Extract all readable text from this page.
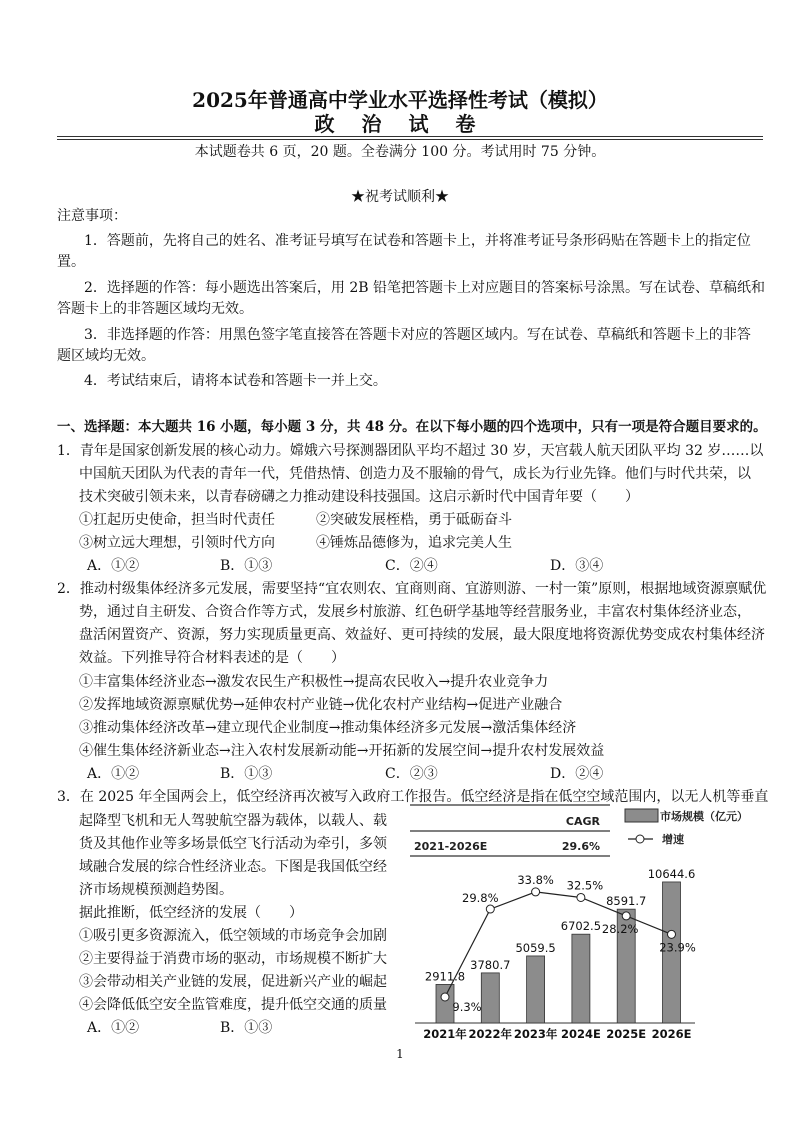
2025年普通高中学业水平选择性考试（模拟）
政 治 试 卷
本试题卷共 6 页，20 题。全卷满分 100 分。考试用时 75 分钟。
★祝考试顺利★
注意事项：
1．答题前，先将自己的姓名、准考证号填写在试卷和答题卡上，并将准考证号条形码贴在答题卡上的指定位
置。
2．选择题的作答：每小题选出答案后，用 2B 铅笔把答题卡上对应题目的答案标号涂黑。写在试卷、草稿纸和
答题卡上的非答题区域均无效。
3．非选择题的作答：用黑色签字笔直接答在答题卡对应的答题区域内。写在试卷、草稿纸和答题卡上的非答
题区域均无效。
4．考试结束后，请将本试卷和答题卡一并上交。
一、选择题：本大题共 16 小题，每小题 3 分，共 48 分。在以下每小题的四个选项中，只有一项是符合题目要求的。
1．青年是国家创新发展的核心动力。嫦娥六号探测器团队平均不超过 30 岁，天宫载人航天团队平均 32 岁……以
中国航天团队为代表的青年一代，凭借热情、创造力及不服输的骨气，成长为行业先锋。他们与时代共荣，以
技术突破引领未来，以青春磅礴之力推动建设科技强国。这启示新时代中国青年要（　　）
①扛起历史使命，担当时代责任	②突破发展桎梏，勇于砥砺奋斗
③树立远大理想，引领时代方向	④锤炼品德修为，追求完美人生
A．①②	B．①③	C．②④	D．③④
2．推动村级集体经济多元发展，需要坚持“宜农则农、宜商则商、宜游则游、一村一策”原则，根据地域资源禀赋优
势，通过自主研发、合资合作等方式，发展乡村旅游、红色研学基地等经营服务业，丰富农村集体经济业态，
盘活闲置资产、资源，努力实现质量更高、效益好、更可持续的发展，最大限度地将资源优势变成农村集体经济
效益。下列推导符合材料表述的是（　　）
①丰富集体经济业态→激发农民生产积极性→提高农民收入→提升农业竞争力
②发挥地域资源禀赋优势→延伸农村产业链→优化农村产业结构→促进产业融合
③推动集体经济改革→建立现代企业制度→推动集体经济多元发展→激活集体经济
④催生集体经济新业态→注入农村发展新动能→开拓新的发展空间→提升农村发展效益
A．①②	B．①③	C．②③	D．②④
3．在 2025 年全国两会上，低空经济再次被写入政府工作报告。低空经济是指在低空空域范围内，以无人机等垂直
起降型飞机和无人驾驶航空器为载体，以载人、载
货及其他作业等多场景低空飞行活动为牵引，多领
域融合发展的综合性经济业态。下图是我国低空经
济市场规模预测趋势图。
据此推断，低空经济的发展（　　）
①吸引更多资源流入，低空领域的市场竞争会加剧
②主要得益于消费市场的驱动，市场规模不断扩大
③会带动相关产业链的发展，促进新兴产业的崛起
④会降低低空安全监管难度，提升低空交通的质量
A．①②	B．①③
CAGR
2021-2026E	29.6%
市场规模（亿元）
增速
2911.8
2021年
3780.7
2022年
5059.5
2023年
6702.5
2024E
8591.7
2025E
10644.6
2026E
9.3%
29.8%
33.8% 32.5%
28.2%
23.9%
1
